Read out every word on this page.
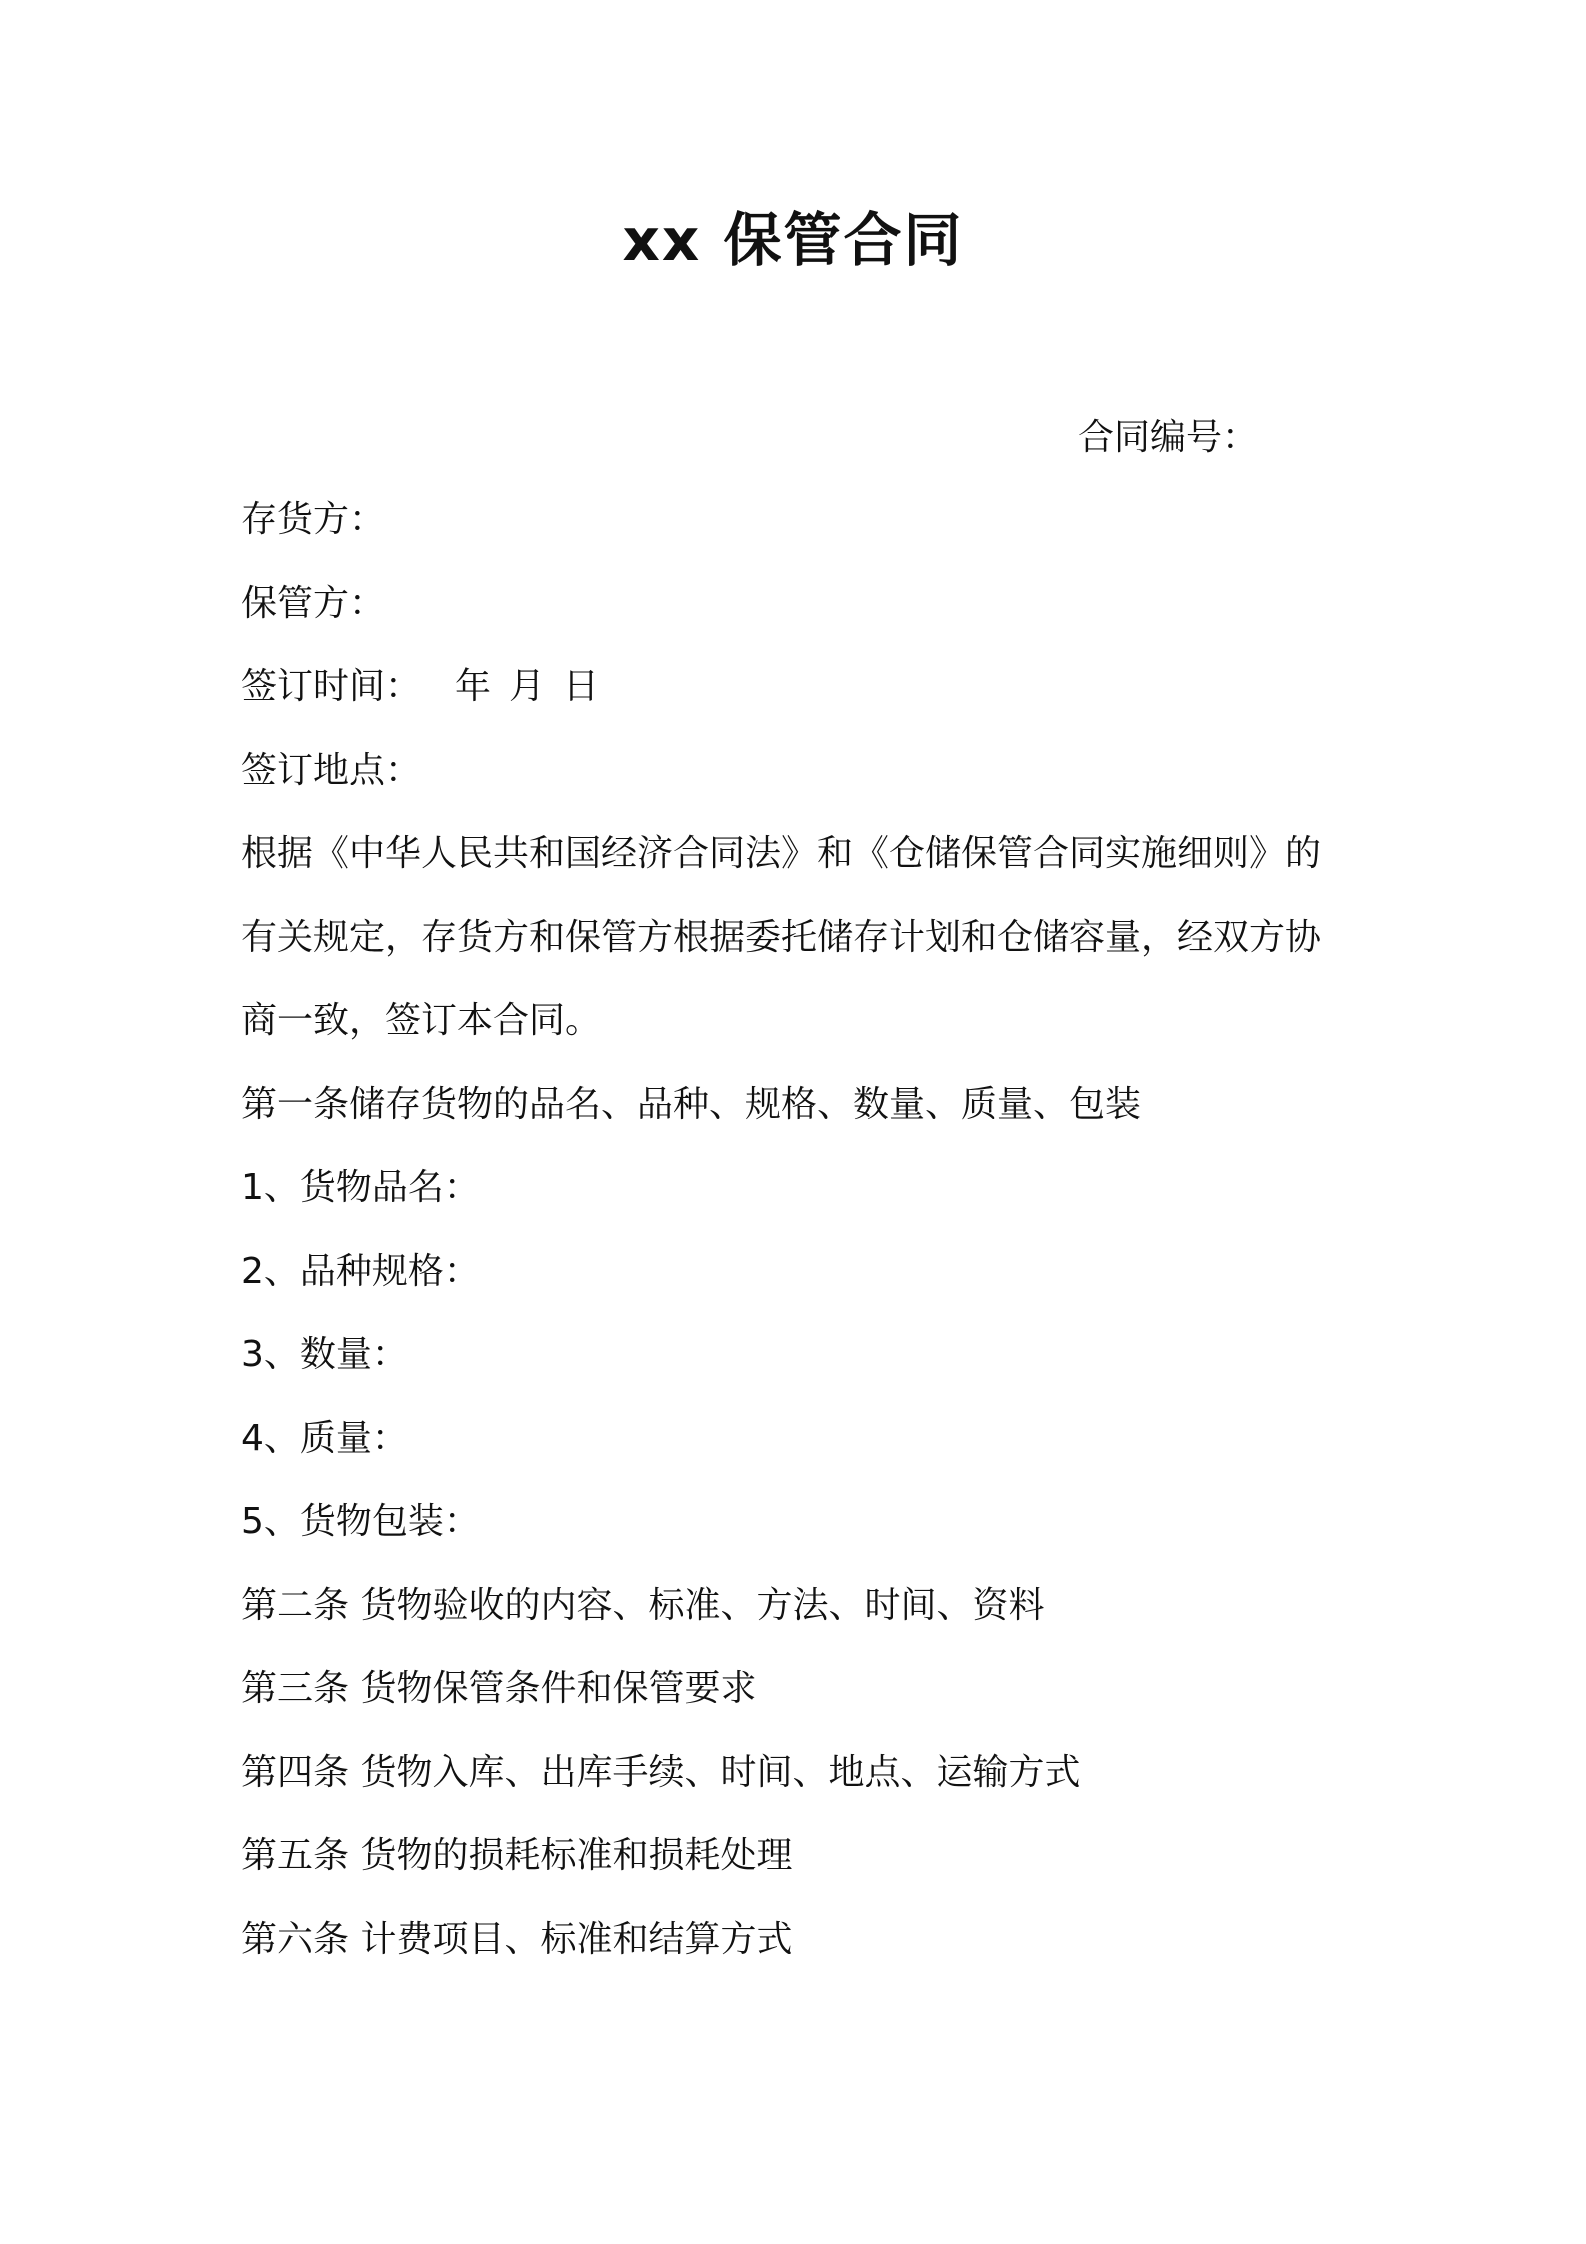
xx 保管合同
合同编号：
存货方：
保管方：
签订时间： 年 月 日
签订地点：
根据《中华人民共和国经济合同法》和《仓储保管合同实施细则》的
有关规定，存货方和保管方根据委托储存计划和仓储容量，经双方协
商一致，签订本合同。
第一条储存货物的品名、品种、规格、数量、质量、包装
1、货物品名：
2、品种规格：
3、数量：
4、质量：
5、货物包装：
第二条 货物验收的内容、标准、方法、时间、资料
第三条 货物保管条件和保管要求
第四条 货物入库、出库手续、时间、地点、运输方式
第五条 货物的损耗标准和损耗处理
第六条 计费项目、标准和结算方式
